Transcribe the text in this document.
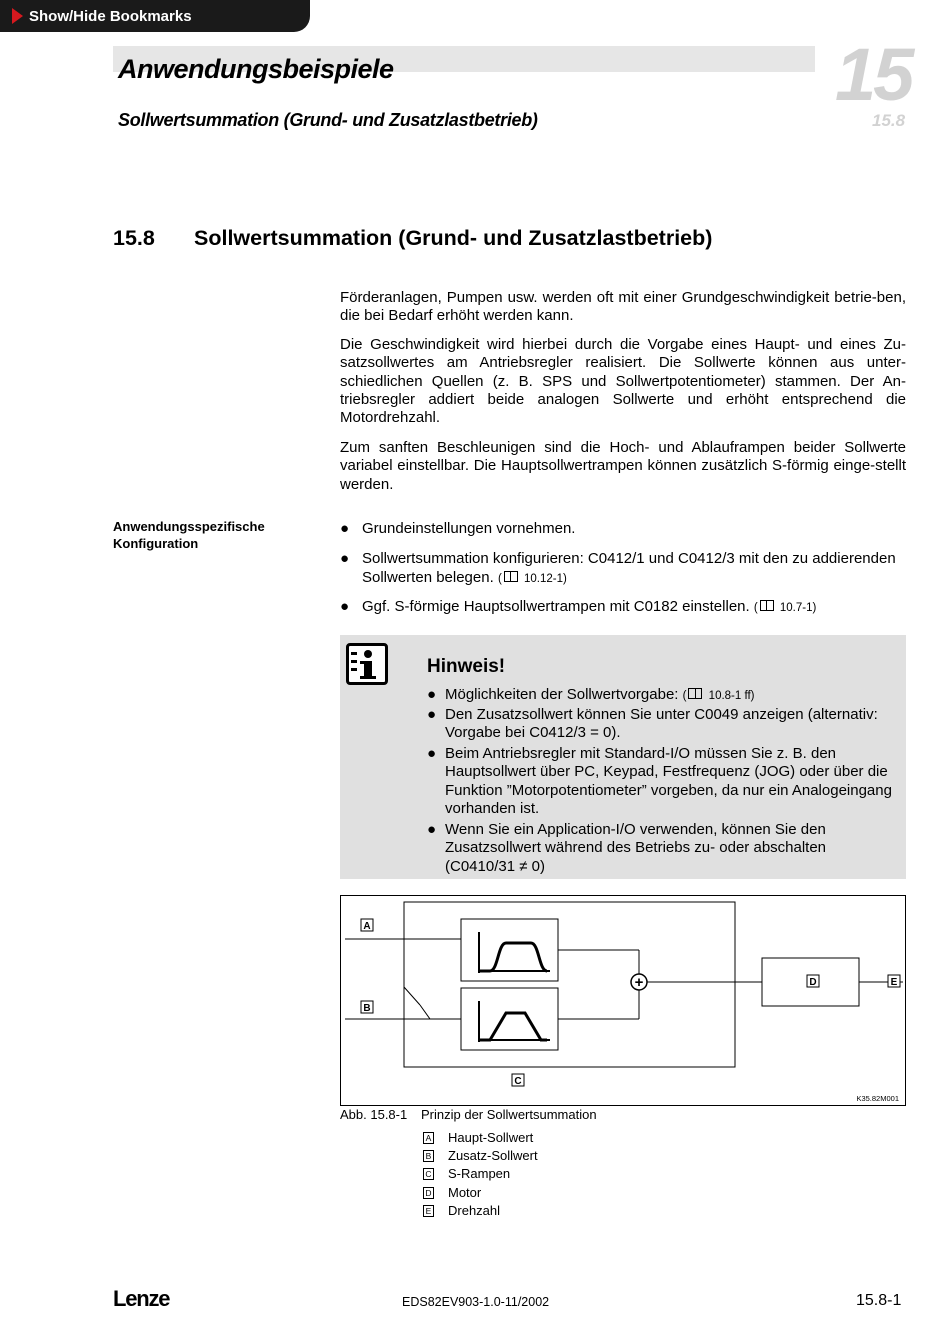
Show/Hide Bookmarks
Anwendungsbeispiele
Sollwertsummation (Grund- und Zusatzlastbetrieb)
15
15.8
15.8 Sollwertsummation (Grund- und Zusatzlastbetrieb)
Förderanlagen, Pumpen usw. werden oft mit einer Grundgeschwindigkeit betrie-ben, die bei Bedarf erhöht werden kann.
Die Geschwindigkeit wird hierbei durch die Vorgabe eines Haupt- und eines Zu-satzsollwertes am Antriebsregler realisiert. Die Sollwerte können aus unter-schiedlichen Quellen (z. B. SPS und Sollwertpotentiometer) stammen. Der An-triebsregler addiert beide analogen Sollwerte und erhöht entsprechend die Motordrehzahl.
Zum sanften Beschleunigen sind die Hoch- und Ablauframpen beider Sollwerte variabel einstellbar. Die Hauptsollwertrampen können zusätzlich S-förmig einge-stellt werden.
Anwendungsspezifische
Konfiguration
● Grundeinstellungen vornehmen.
● Sollwertsummation konfigurieren: C0412/1 und C0412/3 mit den zu addierenden Sollwerten belegen. ( 10.12-1)
● Ggf. S-förmige Hauptsollwertrampen mit C0182 einstellen. ( 10.7-1)
Hinweis!
● Möglichkeiten der Sollwertvorgabe: ( 10.8-1 ff)
● Den Zusatzsollwert können Sie unter C0049 anzeigen (alternativ: Vorgabe bei C0412/3 = 0).
● Beim Antriebsregler mit Standard-I/O müssen Sie z. B. den Hauptsollwert über PC, Keypad, Festfrequenz (JOG) oder über die Funktion ”Motorpotentiometer” vorgeben, da nur ein Analogeingang vorhanden ist.
● Wenn Sie ein Application-I/O verwenden, können Sie den Zusatzsollwert während des Betriebs zu- oder abschalten (C0410/31 ≠ 0)
+
A
B
C
D	E
K35.82M001
Abb. 15.8-1 Prinzip der Sollwertsummation
A Haupt-Sollwert
B Zusatz-Sollwert
C S-Rampen
D Motor
E Drehzahl
Lenze	EDS82EV903-1.0-11/2002	15.8-1
